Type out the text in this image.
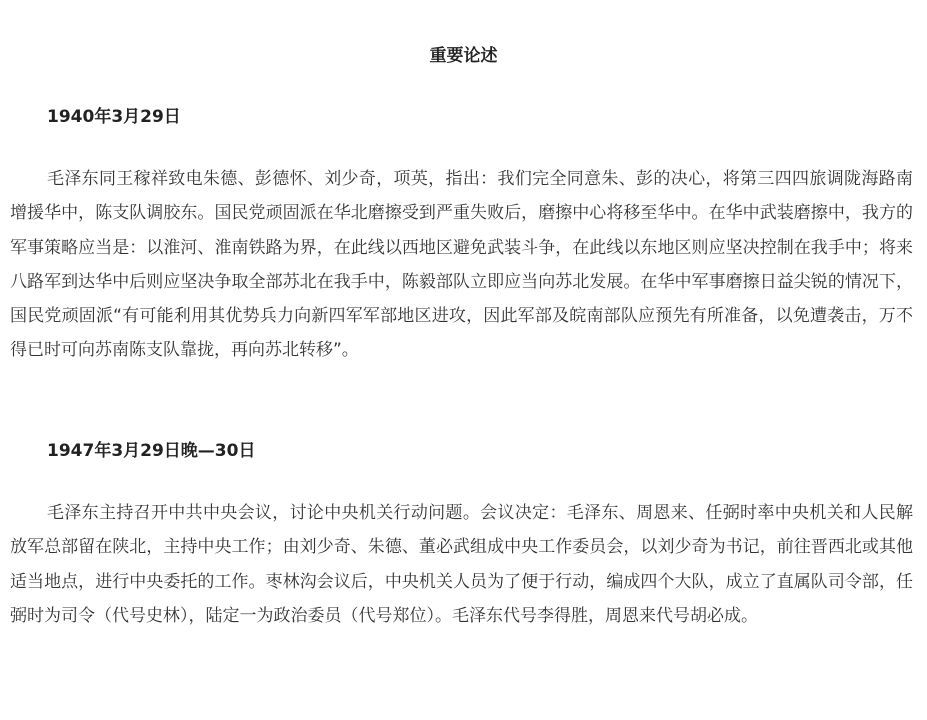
重要论述
1940年3月29日

毛泽东同王稼祥致电朱德、彭德怀、刘少奇，项英，指出：我们完全同意朱、彭的决心，将第三四四旅调陇海路南增援华中，陈支队调胶东。国民党顽固派在华北磨擦受到严重失败后，磨擦中心将移至华中。在华中武装磨擦中，我方的军事策略应当是：以淮河、淮南铁路为界，在此线以西地区避免武装斗争，在此线以东地区则应坚决控制在我手中；将来八路军到达华中后则应坚决争取全部苏北在我手中，陈毅部队立即应当向苏北发展。在华中军事磨擦日益尖锐的情况下，国民党顽固派“有可能利用其优势兵力向新四军军部地区进攻，因此军部及皖南部队应预先有所准备，以免遭袭击，万不得已时可向苏南陈支队靠拢，再向苏北转移”。

1947年3月29日晚—30日

毛泽东主持召开中共中央会议，讨论中央机关行动问题。会议决定：毛泽东、周恩来、任弼时率中央机关和人民解放军总部留在陕北，主持中央工作；由刘少奇、朱德、董必武组成中央工作委员会，以刘少奇为书记，前往晋西北或其他适当地点，进行中央委托的工作。枣林沟会议后，中央机关人员为了便于行动，编成四个大队，成立了直属队司令部，任弼时为司令（代号史林），陆定一为政治委员（代号郑位）。毛泽东代号李得胜，周恩来代号胡必成。
